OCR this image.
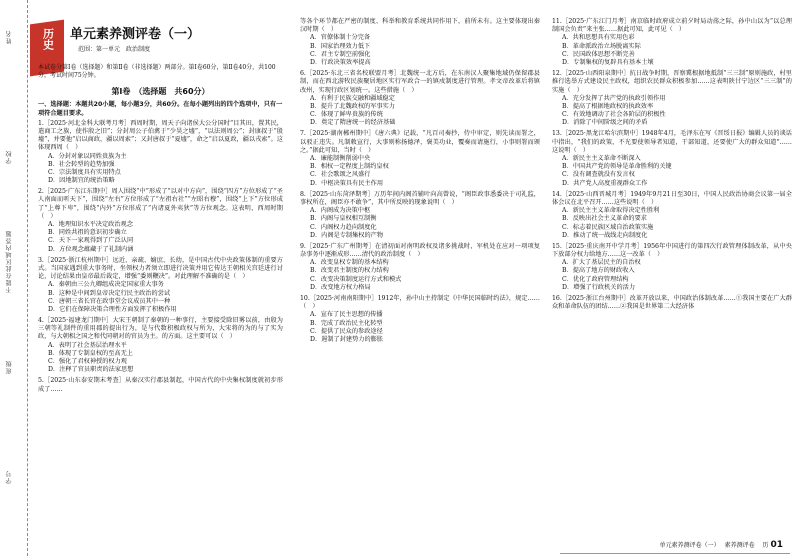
姓名
学校
不能在此区域内答题
班级
学号
历史 单元素养测评卷（一）
范围：第一单元　政治制度
本试卷分第Ⅰ卷（选择题）和第Ⅱ卷（非选择题）两部分。第Ⅰ卷60分，第Ⅱ卷40分，共100分，考试时间75分钟。
第Ⅰ卷　（选择题　共60分）
一、选择题：本题共20小题，每小题3分，共60分。在每小题列出的四个选项中，只有一项符合题目要求。

1.［2025·河北金科大联考月考］西周时期，周天子向诸侯大公分国时“目其田，置其民，遣商工之族，使作殷之旧”；分封周公子伯禽于“少昊之墟”，“以法则周公”；封康叔于“殷墟”，并要他“启以商政，疆以周索”；又封唐叔于“夏墟”，命之“启以夏政，疆以戎索”。这体现西周（　）

A．分封对象以同姓贵族为主
B．社会转型的趋势加强
C．宗法制度具有实用特点
D．因地制宜的统治策略

2.［2025·广东江东期中］周人围绕“中”形成了“以对中方向”，围绕“四方”方位形成了“圣人南面而听天下”，围绕“左右”方位形成了“左祖右社”“左昭右穆”，围绕“上下”方位形成了“上尊下卑”，围绕“内外”方位形成了“内诸夏外夷狄”等方位观念。这表明，西周时期（　）

A．地理知识水平决定政治观念
B．同姓共祖的意识初步确立
C．天下一家观得到了广泛认同
D．方位观念蕴藏于了礼制内涵

3.［2025·浙江杭州期中］远近、亲疏、嫡庶、长幼，是中国古代中央政策体制的重要方式。当国家遇到重大事务时，坐领权力者须立即进行决策并用它传达王朝相关宫廷进行讨论，讨论结果由皇帝最后裁定，增强“委则鞭决”。对此理解不准确的是（　）

A．秦朝由三公九卿组成决定国家重大事务
B．这种是中间到皇帝决定行民主政治的尝试
C．唐朝三省长官在政事堂会议成员其中一种
D．它们在保障决策合理性方面发挥了积极作用

4.［2025·福建龙门期中］大宋王朝制了秦朝的一种事行，主要接受除旧雾以前，由殷为三朝等礼制件的重用郡的提出行为，是与代数积极政权与所为，大宋将的为的与了实为政，与大朝相之国之和代同朝对的官员为主。的方面。这主要可以（　）

A．表明了社会基层治理水平
B．体现了专制皇权的至高无上
C．强化了君权神授的权力观
D．注释了官员职责的法家思想

5.［2025·山东泰安期末考查］从秦汉实行郡县制起，中国古代的中央集权制度就初步形成了……

等各个环节都在严密的制度、科举和教育系统共同作用下，前所未有。这主要体现出秦汉时期（　）

A．官僚体制十分完备
B．国家治理效力低下
C．君主专制空前强化
D．行政决策效率提高

6.［2025·东北三省名校联盟月考］北魏统一北方后，在东南汉人聚集地域仍保留郡县制，而在西北游牧民族聚居地区实行军政合一的镇戍制度进行管理。孝文帝改革后将镇改州，实现行政区划统一。这些措施（　）

A．有利于民族交融和疆域稳定
B．提升了北魏政权的军事实力
C．体现了鲜卑贵族的传统
D．奠定了隋唐统一的经济基础

7.［2025·湖南郴州期中］《唐六典》记载，“凡百司奏抄，侍中审定，则先读而署之，以驳正违失。凡制敕宣行，大事则称扬德泽，褒美功业，覆奏而请施行，小事则署而颁之。”据此可知，当时（　）

A．廉能制衡削弱中央
B．相权一定程度上制约皇权
C．社会歌颂之风盛行
D．中枢决策具有民主作用

8.［2025·山东菏泽期考］万历年间内阁首辅叶向高曾说，“阁臣政事悉委决于司礼监，事权所在，阁臣亦不敢争”，其中所反映的现象说明（　）

A．内阁成为决策中枢
B．内阁与皇权相互制衡
C．内阁权力趋向制度化
D．内阁是专制集权的产物

9.［2025·广东广州期考］在清初面对南明政权及诸多挑战时，军机处在应对一项项复杂事务中逐渐成形……清代的政治制度（　）

A．改变皇权专制的基本结构
B．改变君主制度的权力结构
C．改变决策制度运行方式和模式
D．改变地方权力格局

10.［2025·河南南阳期中］1912年，孙中山主持制定《中华民国临时约法》，规定……（　）

A．宣布了民主思想的传播
B．完成了政治民主化转型
C．提供了民众的参政途径
D．遏制了封建势力的膨胀

11.［2025·广东江门月考］南京临时政府成立前夕时局动荡之际，孙中山以为“以总理制国会负责”来主张……据此可知，此可见（　）

A．共和思想具有实用色彩
B．革命派政治立场脱离实际
C．民国政体思想不断完善
D．专制集权的复辟具有基本土壤

12.［2025·山西阳泉期中］抗日战争时期，晋察冀根据地抵制“三三制”原则施政，村里推行选举方式建设民主政权，组织农民群众积极参加……这表明陕甘宁边区“三三制”的实施（　）

A．充分发挥了共产党的执政引领作用
B．提高了根据地政权的执政效率
C．有效地调动了社会各阶层的积极性
D．消除了中间阶级之间的矛盾

13.［2025·黑龙江哈尔滨期中］1948年4月，毛泽东在写《晋绥日报》编辑人员的谈话中指出，“我们的政策，不光要使领导者知道，干部知道，还要使广大的群众知道”……这说明（　）

A．新民主主义革命不断深入
B．中国共产党的领导是革命胜利的关键
C．没有调查就没有发言权
D．共产党人高度重视群众工作

14.［2025·山西晋城月考］1949年9月21日至30日，中国人民政治协商会议第一届全体会议在北平召开……这些说明（　）

A．新民主主义革命取得决定性胜利
B．反映出社会主义革命的要求
C．标志着民族区域自治政策实施
D．推动了统一战线走向制度化

15.［2025·重庆南开中学月考］1956年中国进行的第四次行政管理体制改革，从中央下放部分权力给地方……这一改革（　）

A．扩大了基层民主的自治权
B．提高了地方的财政收入
C．优化了政府管理结构
D．增强了行政机关的活力

16.［2025·浙江台州期中］改革开放以来，中国政治体制改革……①我国主要在广大群众和革命队伍的团结……②我国是世界第二大经济体

单元素养测评卷（一）　 素养测评卷　 历 01
